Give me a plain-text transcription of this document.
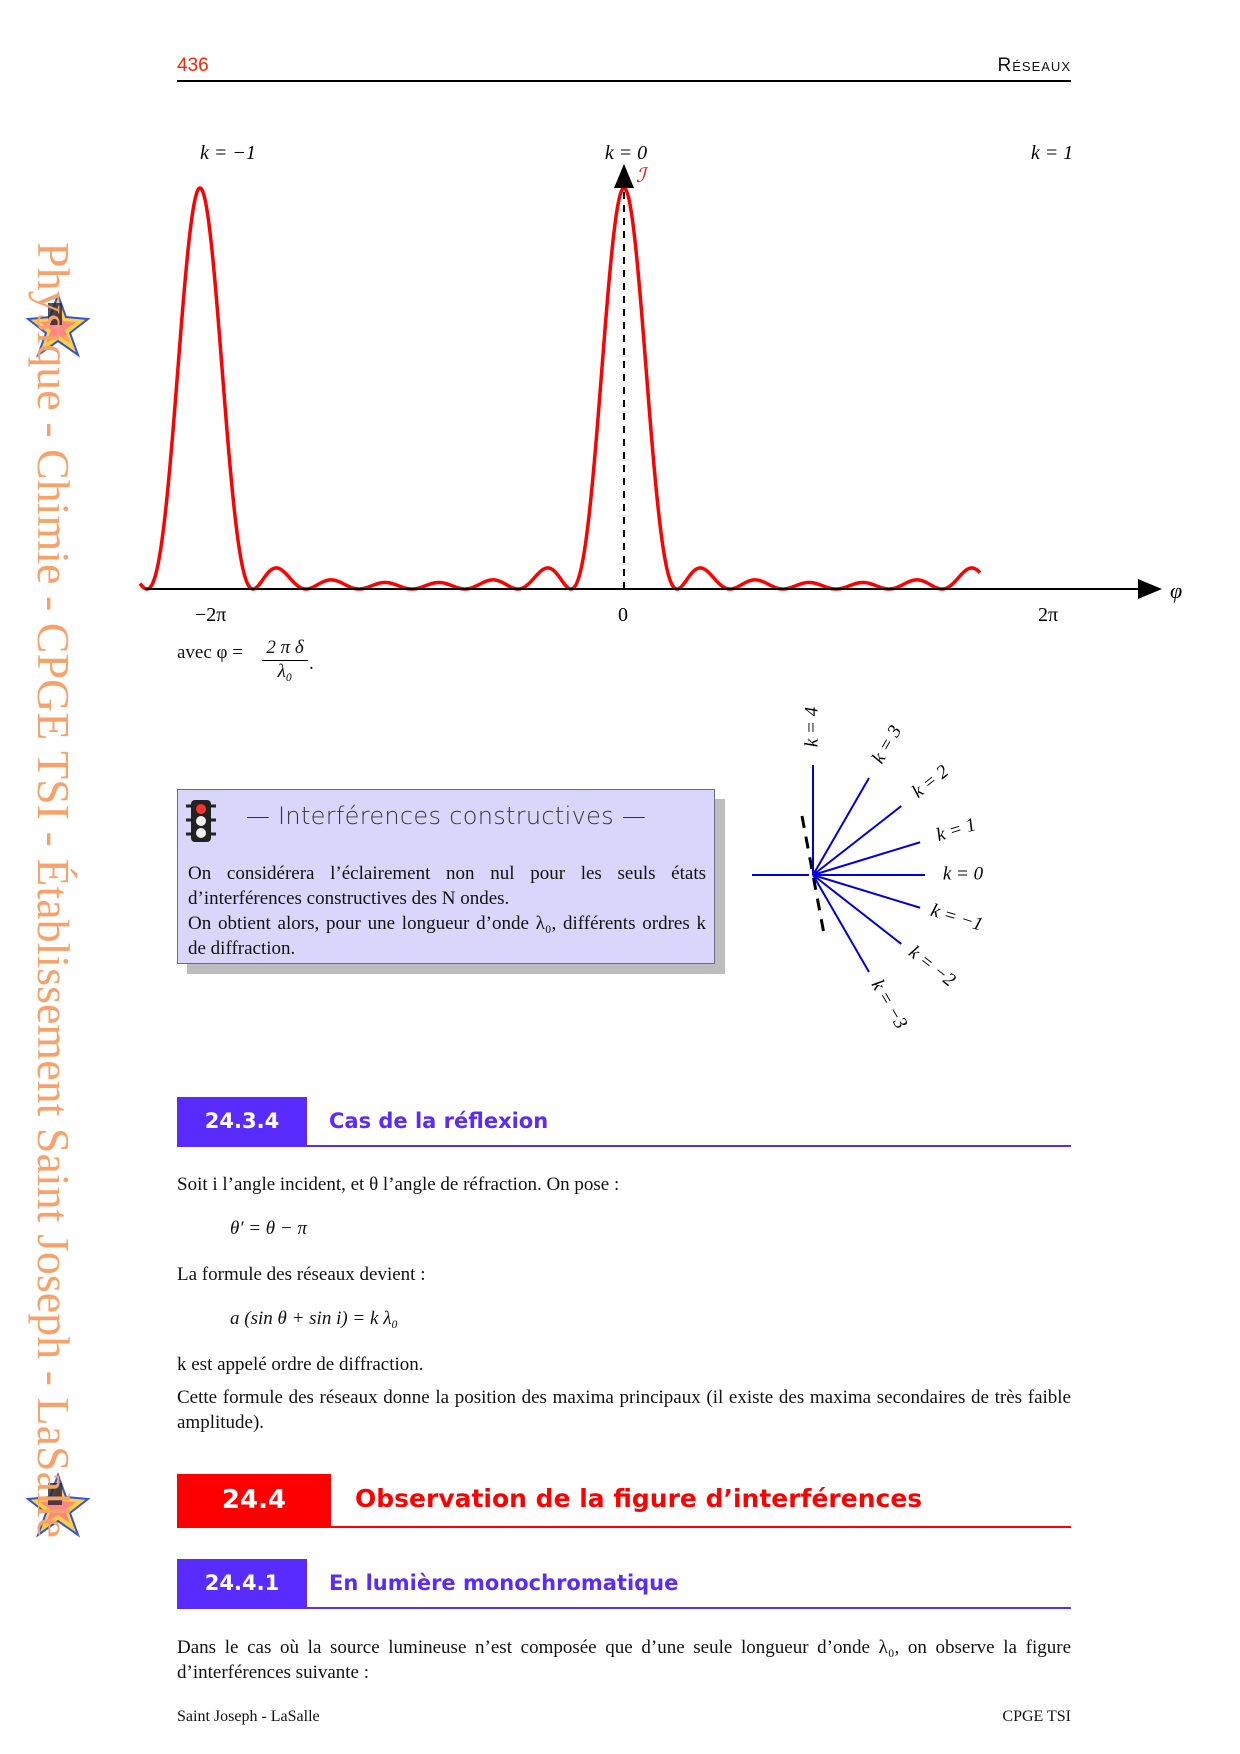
436	Réseaux
Physique - Chimie - CPGE TSI - Établissement Saint Joseph - LaSalle
k = −1	k = 0	k = 1
ℐ
φ
−2π	0	2π
avec $\varphi = \frac{\text{2 π δ}}{\text{λ₀}}$ .
— Interférences constructives —
On considérera l’éclairement non nul pour les seuls états d’interférences constructives des N ondes.
On obtient alors, pour une longueur d’onde λ₀, différents ordres k de diffraction.
k = 4 k = 3
k = 2
k = 1
k = 0
k = −1
k = −2
k = −3
24.3.4	Cas de la réflexion
Soit i l’angle incident, et θ l’angle de réfraction. On pose :
θ′ = θ − π
La formule des réseaux devient :
a (sin θ + sin i) = k λ₀
k est appelé ordre de diffraction.
Cette formule des réseaux donne la position des maxima principaux (il existe des maxima secondaires de très faible amplitude).
24.4	Observation de la figure d’interférences
24.4.1	En lumière monochromatique
Dans le cas où la source lumineuse n’est composée que d’une seule longueur d’onde λ₀, on observe la figure d’interférences suivante :
Saint Joseph - LaSalle	CPGE TSI
